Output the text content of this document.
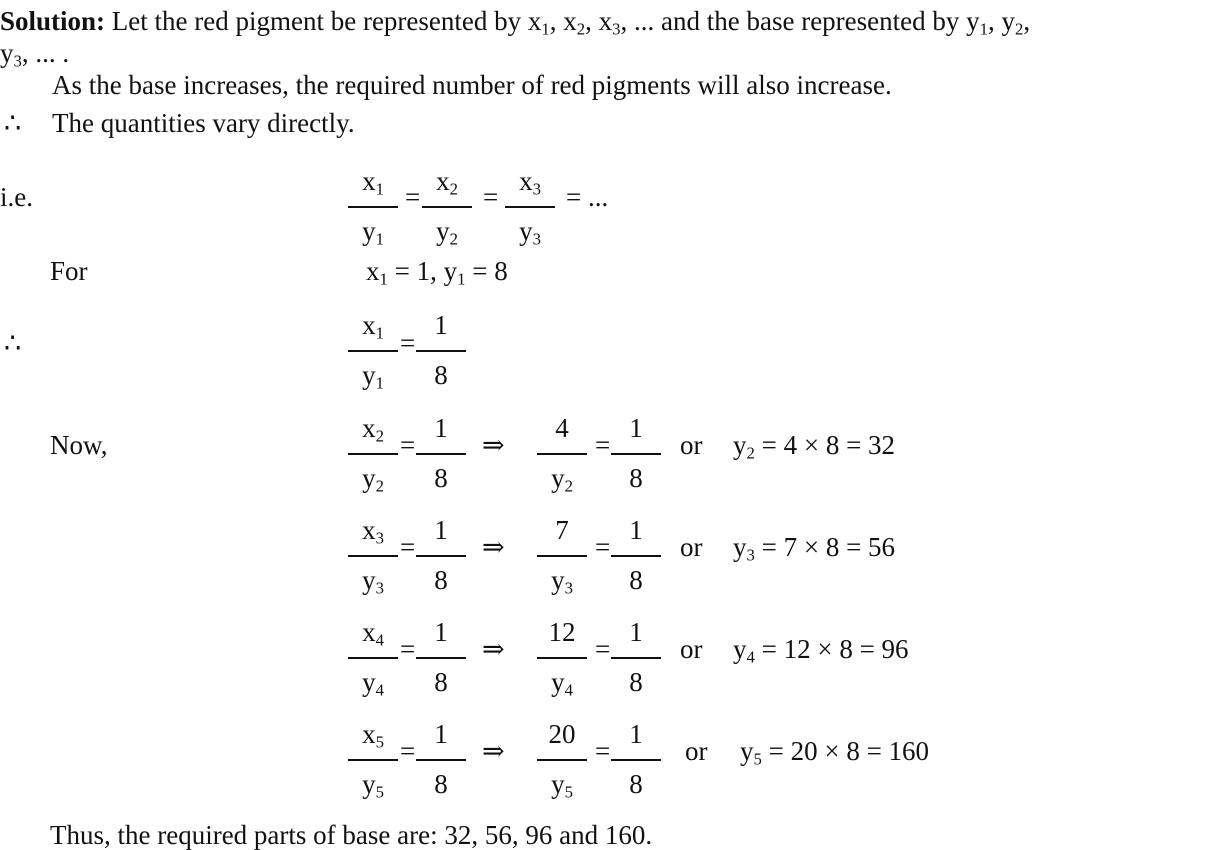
Solution: Let the red pigment be represented by $x_1$, $x_2$, $x_3$, ... and the base represented by $y_1$, $y_2$,
$y_3$, ... .
As the base increases, the required number of red pigments will also increase.
∴ The quantities vary directly.
i.e.
$x_1$
$y_1$
=
$x_2$
$y_2$
=
$x_3$
$y_3$
= ...
For	$x_1 = 1$, $y_1 = 8$
∴
$x_1$
$y_1$
=
1
8
Now,
$x_2$
$y_2$
=
1
8
⇒
4
$y_2$
=
1
8
or $y_2 = 4 \times 8 = 32$
$x_3$
$y_3$
=
1
8
⇒
7
$y_3$
=
1
8
or $y_3 = 7 \times 8 = 56$
$x_4$
$y_4$
=
1
8
⇒
12
$y_4$
=
1
8
or $y_4 = 12 \times 8 = 96$
$x_5$
$y_5$
=
1
8
⇒
20
$y_5$
=
1
8
or $y_5 = 20 \times 8 = 160$
Thus, the required parts of base are: 32, 56, 96 and 160.
